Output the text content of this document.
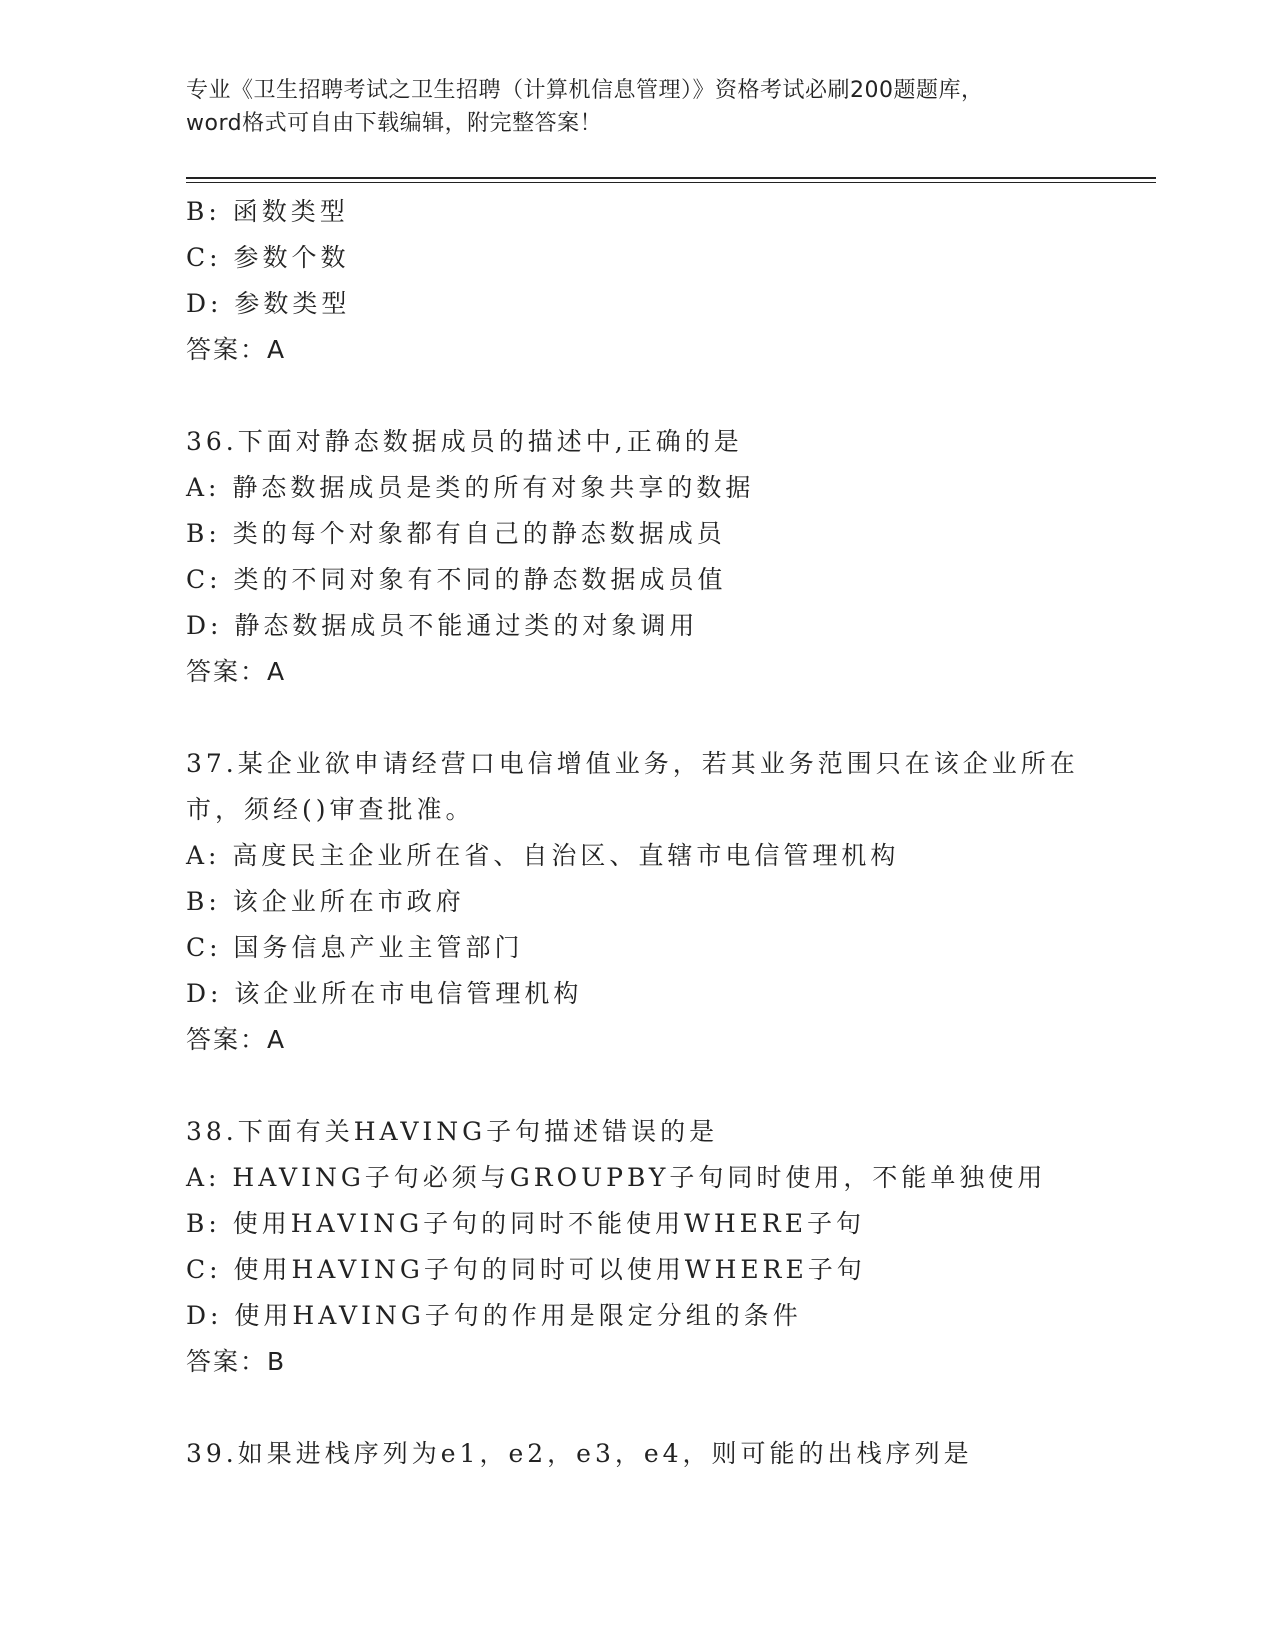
专业《卫生招聘考试之卫生招聘（计算机信息管理）》资格考试必刷200题题库，
word格式可自由下载编辑，附完整答案！
B: 函数类型
C: 参数个数
D: 参数类型
答案：A
36.下面对静态数据成员的描述中,正确的是
A: 静态数据成员是类的所有对象共享的数据
B: 类的每个对象都有自己的静态数据成员
C: 类的不同对象有不同的静态数据成员值
D: 静态数据成员不能通过类的对象调用
答案：A
37.某企业欲申请经营口电信增值业务，若其业务范围只在该企业所在
市，须经()审查批准。
A: 高度民主企业所在省、自治区、直辖市电信管理机构
B: 该企业所在市政府
C: 国务信息产业主管部门
D: 该企业所在市电信管理机构
答案：A
38.下面有关HAVING子句描述错误的是
A: HAVING子句必须与GROUPBY子句同时使用，不能单独使用
B: 使用HAVING子句的同时不能使用WHERE子句
C: 使用HAVING子句的同时可以使用WHERE子句
D: 使用HAVING子句的作用是限定分组的条件
答案：B
39.如果进栈序列为e1，e2，e3，e4，则可能的出栈序列是
